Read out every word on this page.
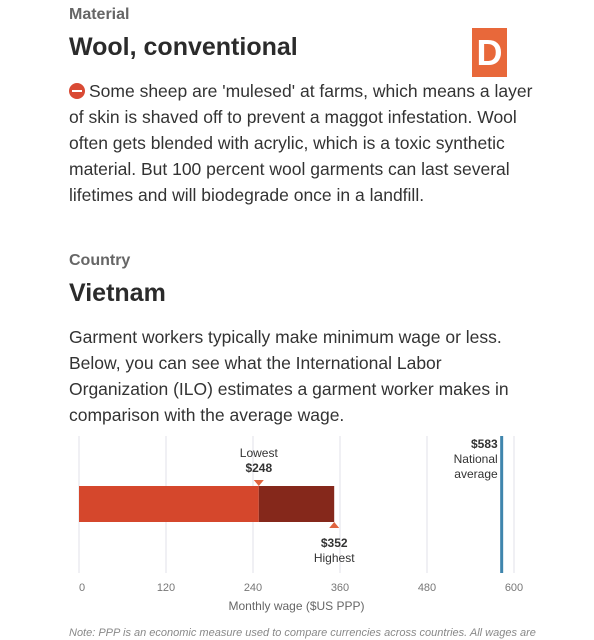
Material
Wool, conventional	D
Some sheep are 'mulesed' at farms, which means a layer of skin is shaved off to prevent a maggot infestation. Wool often gets blended with acrylic, which is a toxic synthetic material. But 100 percent wool garments can last several lifetimes and will biodegrade once in a landfill.
Country
Vietnam
Garment workers typically make minimum wage or less. Below, you can see what the International Labor Organization (ILO) estimates a garment worker makes in comparison with the average wage.
Lowest
$248
$352
Highest
$583
National
average
0	120	240	360	480	600
Monthly wage ($US PPP)
Note: PPP is an economic measure used to compare currencies across countries. All wages are
